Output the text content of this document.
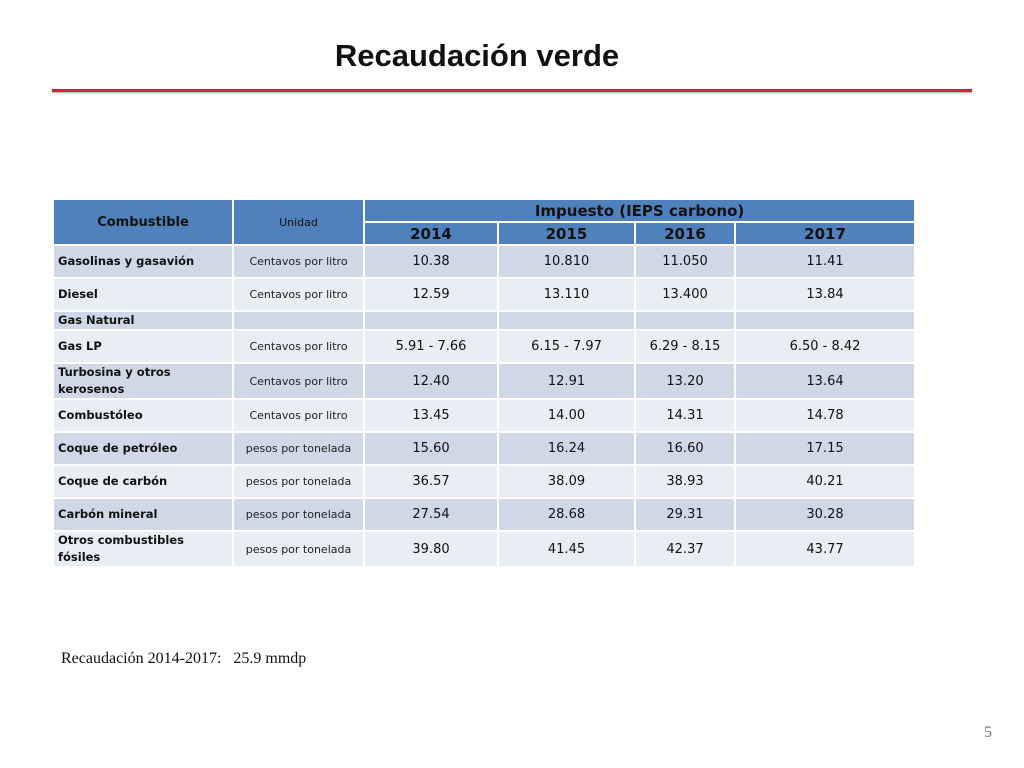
Recaudación verde
Combustible	Unidad	Impuesto (IEPS carbono)			
		2014	2015	2016	2017
Gasolinas y gasavión	Centavos por litro	10.38	10.810	11.050	11.41
Diesel	Centavos por litro	12.59	13.110	13.400	13.84
Gas Natural					
Gas LP	Centavos por litro	5.91 - 7.66	6.15 - 7.97	6.29 - 8.15	6.50 - 8.42
Turbosina y otros kerosenos	Centavos por litro	12.40	12.91	13.20	13.64
Combustóleo	Centavos por litro	13.45	14.00	14.31	14.78
Coque de petróleo	pesos por tonelada	15.60	16.24	16.60	17.15
Coque de carbón	pesos por tonelada	36.57	38.09	38.93	40.21
Carbón mineral	pesos por tonelada	27.54	28.68	29.31	30.28
Otros combustibles fósiles	pesos por tonelada	39.80	41.45	42.37	43.77
Recaudación 2014-2017:   25.9 mmdp
5
